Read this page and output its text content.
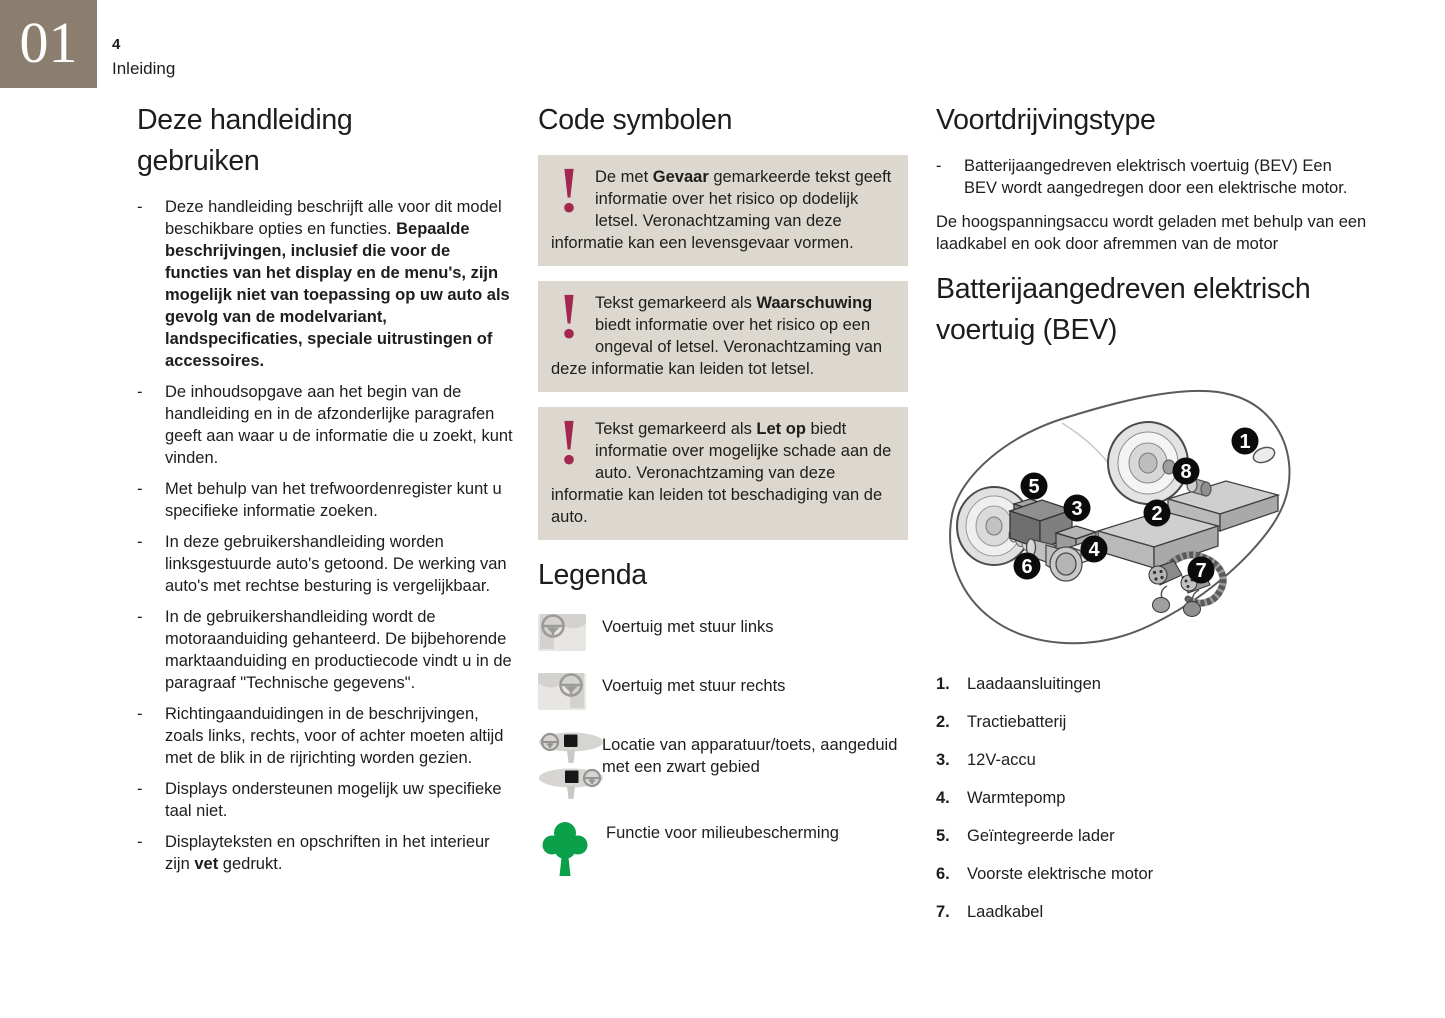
01 4
Inleiding
Deze handleiding gebruiken
-	Deze handleiding beschrijft alle voor dit model beschikbare opties en functies. Bepaalde beschrijvingen, inclusief die voor de functies van het display en de menu's, zijn mogelijk niet van toepassing op uw auto als gevolg van de modelvariant, landspecificaties, speciale uitrustingen of accessoires.

-	De inhoudsopgave aan het begin van de handleiding en in de afzonderlijke paragrafen geeft aan waar u de informatie die u zoekt, kunt vinden.

-	Met behulp van het trefwoordenregister kunt u specifieke informatie zoeken.

-	In deze gebruikershandleiding worden linksgestuurde auto's getoond. De werking van auto's met rechtse besturing is vergelijkbaar.

-	In de gebruikershandleiding wordt de motoraanduiding gehanteerd. De bijbehorende marktaanduiding en productiecode vindt u in de paragraaf "Technische gegevens".

-	Richtingaanduidingen in de beschrijvingen, zoals links, rechts, voor of achter moeten altijd met de blik in de rijrichting worden gezien.

-	Displays ondersteunen mogelijk uw specifieke taal niet.

-	Displayteksten en opschriften in het interieur zijn vet gedrukt.

Code symbolen

De met Gevaar gemarkeerde tekst geeft informatie over het risico op dodelijk letsel. Veronachtzaming van deze informatie kan een levensgevaar vormen.

Tekst gemarkeerd als Waarschuwing biedt informatie over het risico op een ongeval of letsel. Veronachtzaming van deze informatie kan leiden tot letsel.

Tekst gemarkeerd als Let op biedt informatie over mogelijke schade aan de auto. Veronachtzaming van deze informatie kan leiden tot beschadiging van de auto.

Legenda

Voertuig met stuur links

Voertuig met stuur rechts

Locatie van apparatuur/toets, aangeduid met een zwart gebied

Functie voor milieubescherming

Voortdrijvingstype
-	Batterijaangedreven elektrisch voertuig (BEV) Een BEV wordt aangedregen door een elektrische motor.

De hoogspanningsaccu wordt geladen met behulp van een laadkabel en ook door afremmen van de motor

Batterijaangedreven elektrisch voertuig (BEV)
1
2
3
4
5
6	7
8
1.	Laadaansluitingen
2.	Tractiebatterij
3.	12V-accu
4.	Warmtepomp
5.	Geïntegreerde lader
6.	Voorste elektrische motor
7.	Laadkabel
